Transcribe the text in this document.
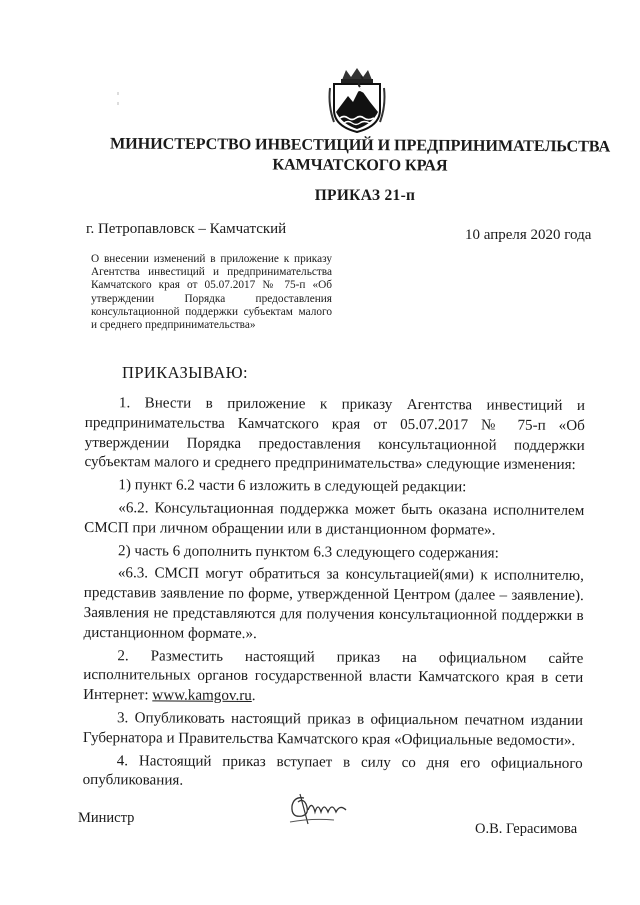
МИНИСТЕРСТВО ИНВЕСТИЦИЙ И ПРЕДПРИНИМАТЕЛЬСТВА
КАМЧАТСКОГО КРАЯ
ПРИКАЗ 21-п
г. Петропавловск – Камчатский	10 апреля 2020 года
О внесении изменений в приложение к приказу Агентства инвестиций и предпринимательства Камчатского края от 05.07.2017 № 75-п «Об утверждении Порядка предоставления консультационной поддержки субъектам малого и среднего предпринимательства»
ПРИКАЗЫВАЮ:

1. Внести в приложение к приказу Агентства инвестиций и предпринимательства Камчатского края от 05.07.2017 № 75-п «Об утверждении Порядка предоставления консультационной поддержки субъектам малого и среднего предпринимательства» следующие изменения:

1) пункт 6.2 части 6 изложить в следующей редакции:

«6.2. Консультационная поддержка может быть оказана исполнителем СМСП при личном обращении или в дистанционном формате».

2) часть 6 дополнить пунктом 6.3 следующего содержания:

«6.3. СМСП могут обратиться за консультацией(ями) к исполнителю, представив заявление по форме, утвержденной Центром (далее – заявление). Заявления не представляются для получения консультационной поддержки в дистанционном формате.».

2. Разместить настоящий приказ на официальном сайте исполнительных органов государственной власти Камчатского края в сети Интернет: www.kamgov.ru.

3. Опубликовать настоящий приказ в официальном печатном издании Губернатора и Правительства Камчатского края «Официальные ведомости».

4. Настоящий приказ вступает в силу со дня его официального опубликования.

Министр
О.В. Герасимова
